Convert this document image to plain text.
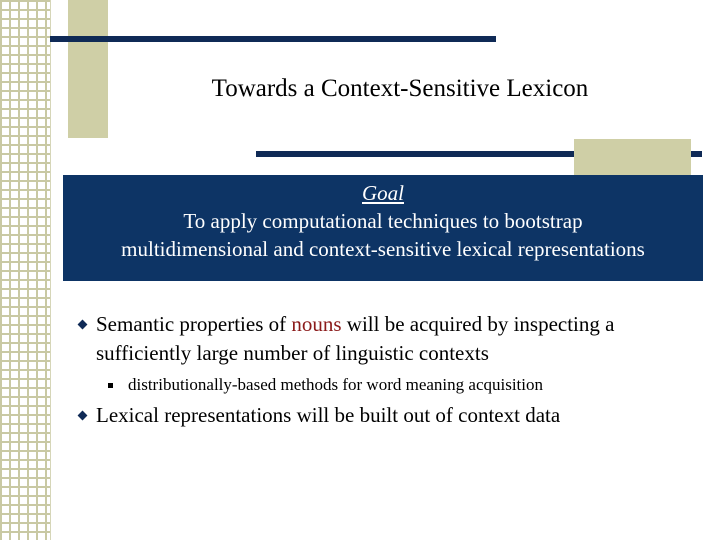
Towards a Context-Sensitive Lexicon
Goal
To apply computational techniques to bootstrap
multidimensional and context-sensitive lexical representations
Semantic properties of nouns will be acquired by inspecting a sufficiently large number of linguistic contexts
distributionally-based methods for word meaning acquisition
Lexical representations will be built out of context data
